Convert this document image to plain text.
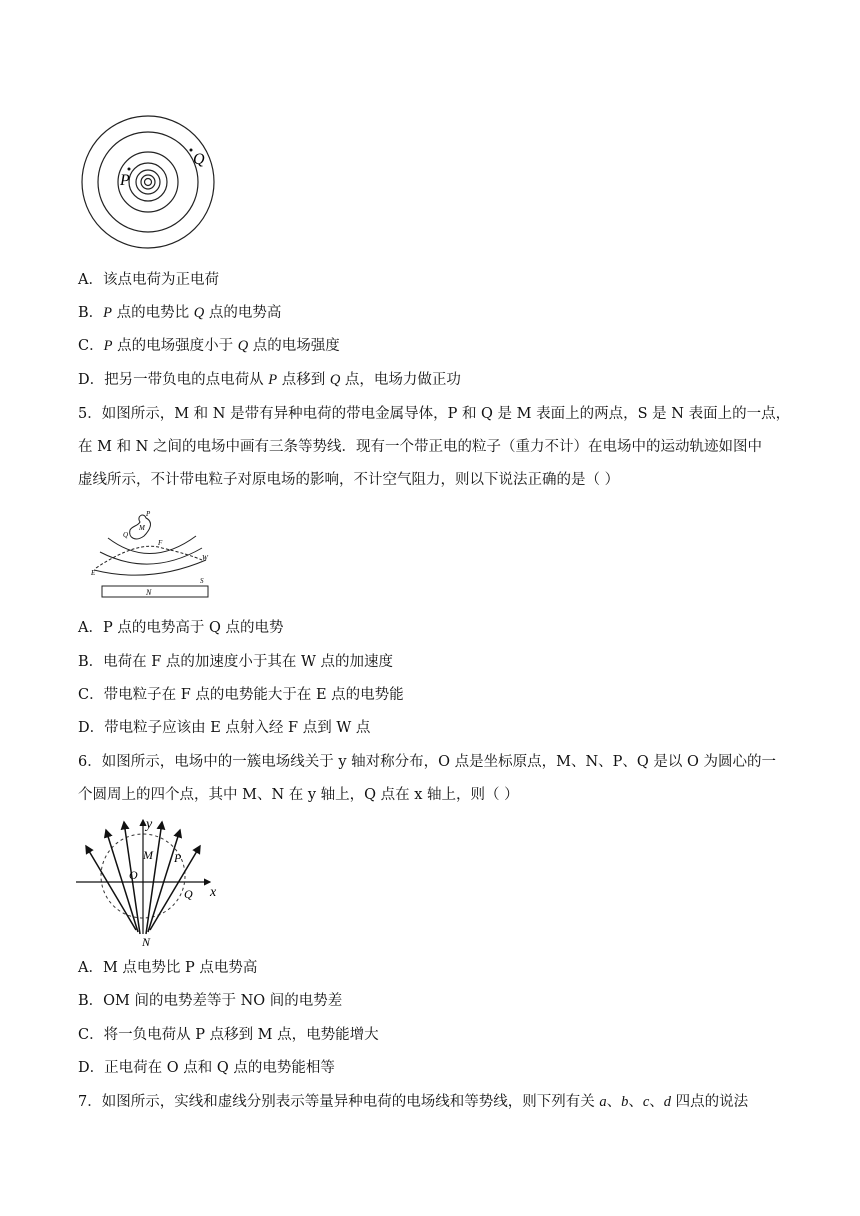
P
Q
A．该点电荷为正电荷
B．P 点的电势比 Q 点的电势高
C．P 点的电场强度小于 Q 点的电场强度
D．把另一带负电的点电荷从 P 点移到 Q 点，电场力做正功
5．如图所示，M 和 N 是带有异种电荷的带电金属导体，P 和 Q 是 M 表面上的两点，S 是 N 表面上的一点，
在 M 和 N 之间的电场中画有三条等势线．现有一个带正电的粒子（重力不计）在电场中的运动轨迹如图中
虚线所示，不计带电粒子对原电场的影响，不计空气阻力，则以下说法正确的是（ ）
M
P
Q
F
E
W
S
N
A．P 点的电势高于 Q 点的电势
B．电荷在 F 点的加速度小于其在 W 点的加速度
C．带电粒子在 F 点的电势能大于在 E 点的电势能
D．带电粒子应该由 E 点射入经 F 点到 W 点
6．如图所示，电场中的一簇电场线关于 y 轴对称分布，O 点是坐标原点，M、N、P、Q 是以 O 为圆心的一
个圆周上的四个点，其中 M、N 在 y 轴上，Q 点在 x 轴上，则（ ）
x
y
M P
O
Q
N
A．M 点电势比 P 点电势高
B．OM 间的电势差等于 NO 间的电势差
C．将一负电荷从 P 点移到 M 点，电势能增大
D．正电荷在 O 点和 Q 点的电势能相等
7．如图所示，实线和虚线分别表示等量异种电荷的电场线和等势线，则下列有关 a、b、c、d 四点的说法
